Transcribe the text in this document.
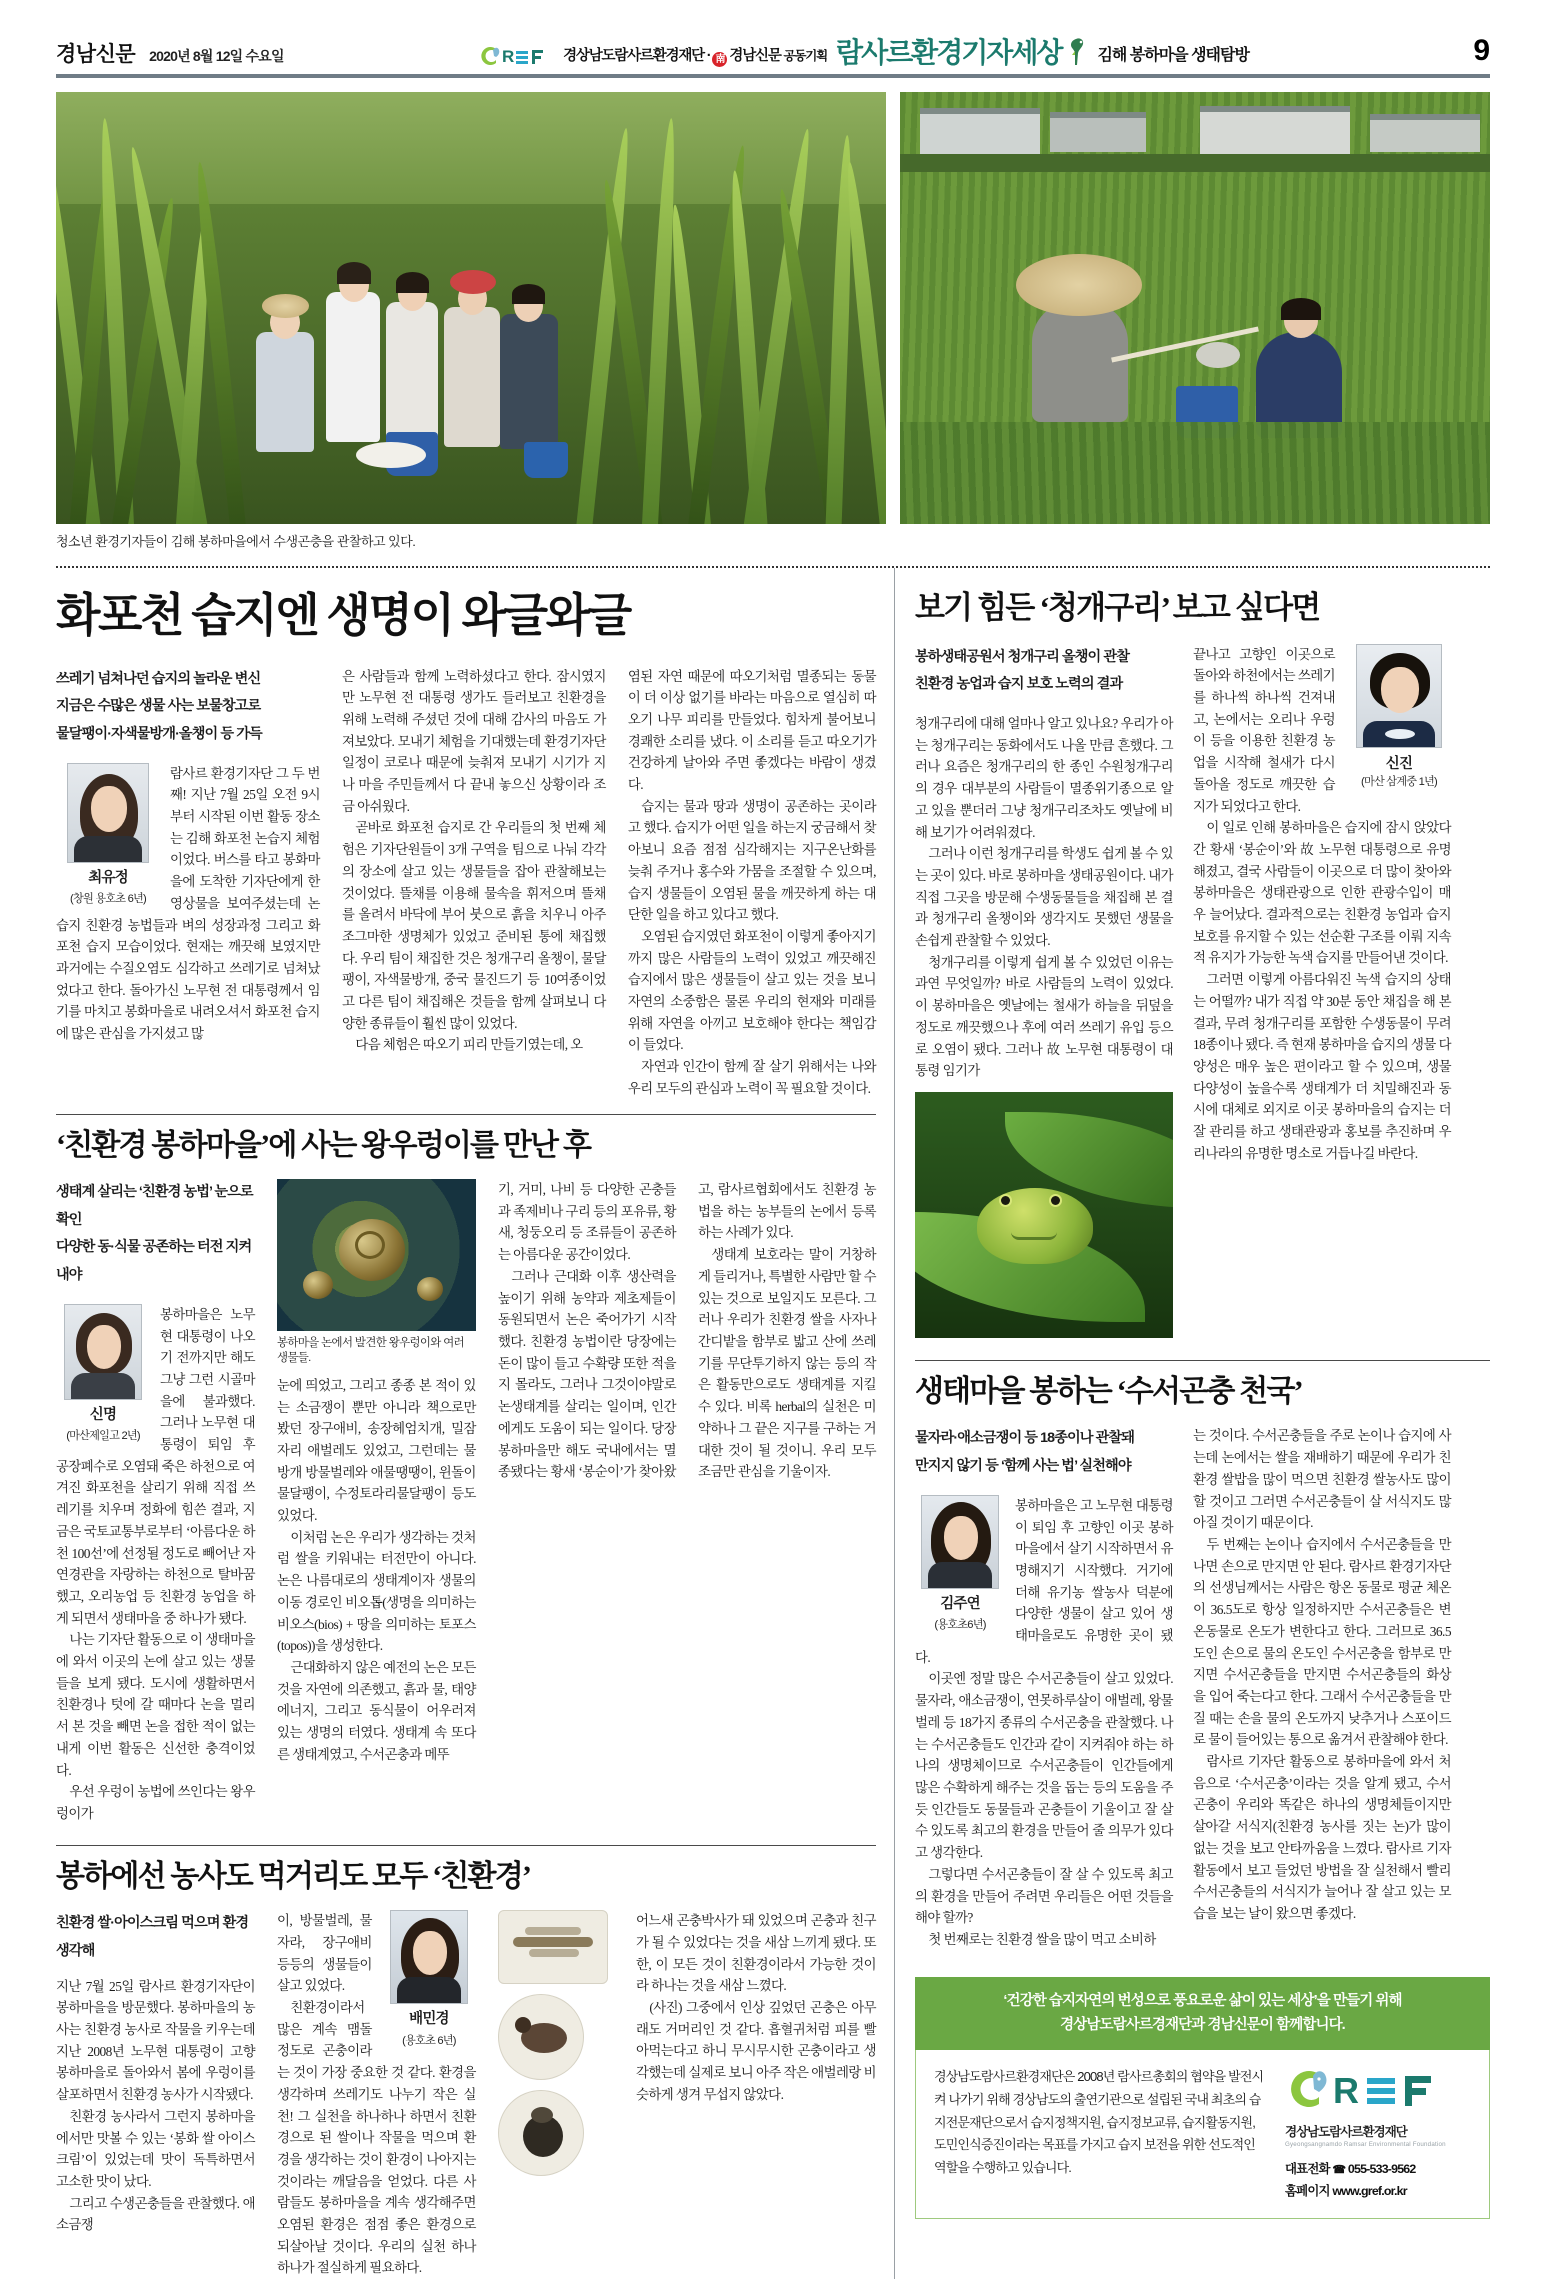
경남신문 2020년 8월 12일 수요일	R	경상남도람사르환경재단 · 南 경남신문 공동기획 람사르환경기자세상 김해 봉하마을 생태탐방	9
청소년 환경기자들이 김해 봉하마을에서 수생곤충을 관찰하고 있다.
화포천 습지엔 생명이 와글와글
쓰레기 넘쳐나던 습지의 놀라운 변신
지금은 수많은 생물 사는 보물창고로
물달팽이·자색물방개·올챙이 등 가득
최유정
(창원 용호초 6년)

람사르 환경기자단 그 두 번째! 지난 7월 25일 오전 9시부터 시작된 이번 활동 장소는 김해 화포천 논습지 체험이었다. 버스를 타고 봉화마을에 도착한 기자단에게 한 영상물을 보여주셨는데 논습지 친환경 농법들과 벼의 성장과정 그리고 화포천 습지 모습이었다. 현재는 깨끗해 보였지만 과거에는 수질오염도 심각하고 쓰레기로 넘쳐났었다고 한다. 돌아가신 노무현 전 대통령께서 임기를 마치고 봉화마을로 내려오셔서 화포천 습지에 많은 관심을 가지셨고 많

은 사람들과 함께 노력하셨다고 한다. 잠시였지만 노무현 전 대통령 생가도 들러보고 친환경을 위해 노력해 주셨던 것에 대해 감사의 마음도 가져보았다. 모내기 체험을 기대했는데 환경기자단 일정이 코로나 때문에 늦춰져 모내기 시기가 지나 마을 주민들께서 다 끝내 놓으신 상황이라 조금 아쉬웠다.

곧바로 화포천 습지로 간 우리들의 첫 번째 체험은 기자단원들이 3개 구역을 팀으로 나눠 각각의 장소에 살고 있는 생물들을 잡아 관찰해보는 것이었다. 뜰채를 이용해 물속을 휘저으며 뜰채를 올려서 바닥에 부어 붓으로 흙을 치우니 아주 조그마한 생명체가 있었고 준비된 통에 채집했다. 우리 팀이 채집한 것은 청개구리 올챙이, 물달팽이, 자색물방개, 중국 물진드기 등 10여종이었고 다른 팀이 채집해온 것들을 함께 살펴보니 다양한 종류들이 훨씬 많이 있었다.

다음 체험은 따오기 피리 만들기였는데, 오

염된 자연 때문에 따오기처럼 멸종되는 동물이 더 이상 없기를 바라는 마음으로 열심히 따오기 나무 피리를 만들었다. 힘차게 불어보니 경쾌한 소리를 냈다. 이 소리를 듣고 따오기가 건강하게 날아와 주면 좋겠다는 바람이 생겼다.

습지는 물과 땅과 생명이 공존하는 곳이라고 했다. 습지가 어떤 일을 하는지 궁금해서 찾아보니 요즘 점점 심각해지는 지구온난화를 늦춰 주거나 홍수와 가뭄을 조절할 수 있으며, 습지 생물들이 오염된 물을 깨끗하게 하는 대단한 일을 하고 있다고 했다.

오염된 습지였던 화포천이 이렇게 좋아지기까지 많은 사람들의 노력이 있었고 깨끗해진 습지에서 많은 생물들이 살고 있는 것을 보니 자연의 소중함은 물론 우리의 현재와 미래를 위해 자연을 아끼고 보호해야 한다는 책임감이 들었다.

자연과 인간이 함께 잘 살기 위해서는 나와 우리 모두의 관심과 노력이 꼭 필요할 것이다.

‘친환경 봉하마을’에 사는 왕우렁이를 만난 후
생태계 살리는 ‘친환경 농법’ 눈으로 확인
다양한 동·식물 공존하는 터전 지켜내야
신명
(마산제일고 2년)

봉하마을은 노무현 대통령이 나오기 전까지만 해도 그냥 그런 시골마을에 불과했다. 그러나 노무현 대통령이 퇴임 후 공장폐수로 오염돼 죽은 하천으로 여겨진 화포천을 살리기 위해 직접 쓰레기를 치우며 정화에 힘쓴 결과, 지금은 국토교통부로부터 ‘아름다운 하천 100선’에 선정될 정도로 빼어난 자연경관을 자랑하는 하천으로 탈바꿈했고, 오리농업 등 친환경 농업을 하게 되면서 생태마을 중 하나가 됐다.

나는 기자단 활동으로 이 생태마을에 와서 이곳의 논에 살고 있는 생물들을 보게 됐다. 도시에 생활하면서 친환경나 텃에 갈 때마다 논을 멀리서 본 것을 빼면 논을 접한 적이 없는 내게 이번 활동은 신선한 충격이었다.

우선 우렁이 농법에 쓰인다는 왕우렁이가

봉하마을 논에서 발견한 왕우렁이와 여러 생물들.

눈에 띄었고, 그리고 종종 본 적이 있는 소금쟁이 뿐만 아니라 책으로만 봤던 장구애비, 송장헤엄치개, 밀잠자리 애벌레도 있었고, 그런데는 물방개 방물벌레와 애물땡땡이, 윈돌이물달팽이, 수정토라리물달팽이 등도 있었다.

이처럼 논은 우리가 생각하는 것처럼 쌀을 키워내는 터전만이 아니다. 논은 나름대로의 생태계이자 생물의 이동 경로인 비오톱(생명을 의미하는 비오스(bios) + 땅을 의미하는 토포스(topos))을 생성한다.

근대화하지 않은 예전의 논은 모든 것을 자연에 의존했고, 흙과 물, 태양 에너지, 그리고 동식물이 어우러져 있는 생명의 터였다. 생태계 속 또다른 생태계였고, 수서곤충과 메뚜

기, 거미, 나비 등 다양한 곤충들과 족제비나 구리 등의 포유류, 황새, 청둥오리 등 조류들이 공존하는 아름다운 공간이었다.

그러나 근대화 이후 생산력을 높이기 위해 농약과 제초제들이 동원되면서 논은 죽어가기 시작했다. 친환경 농법이란 당장에는 돈이 많이 들고 수확량 또한 적을지 몰라도, 그러나 그것이야말로 논생태계를 살리는 일이며, 인간에게도 도움이 되는 일이다. 당장 봉하마을만 해도 국내에서는 멸종됐다는 황새 ‘봉순이’가 찾아왔고, 람사르협회에서도 친환경 농법을 하는 농부들의 논에서 등록하는 사례가 있다.

생태계 보호라는 말이 거창하게 들리거나, 특별한 사람만 할 수 있는 것으로 보일지도 모른다. 그러나 우리가 친환경 쌀을 사자나 간디밭을 함부로 밟고 산에 쓰레기를 무단투기하지 않는 등의 작은 활동만으로도 생태계를 지킬 수 있다. 비록 herbal의 실천은 미약하나 그 끝은 지구를 구하는 거대한 것이 될 것이니. 우리 모두 조금만 관심을 기울이자.

봉하에선 농사도 먹거리도 모두 ‘친환경’
친환경 쌀·아이스크림 먹으며 환경 생각해

지난 7월 25일 람사르 환경기자단이 봉하마을을 방문했다. 봉하마을의 농사는 친환경 농사로 작물을 키우는데 지난 2008년 노무현 대통령이 고향 봉하마을로 돌아와서 봄에 우렁이를 살포하면서 친환경 농사가 시작됐다.

친환경 농사라서 그런지 봉하마을에서만 맛볼 수 있는 ‘봉화 쌀 아이스크림’이 있었는데 맛이 독특하면서 고소한 맛이 났다.

그리고 수생곤충들을 관찰했다. 애소금쟁

배민경
(용호초 6년)

이, 방물벌레, 물자라, 장구애비 등등의 생물들이 살고 있었다.

친환경이라서 많은 계속 맴돌 정도로 곤충이라는 것이 가장 중요한 것 같다. 환경을 생각하며 쓰레기도 나누기 작은 실천! 그 실천을 하나하나 하면서 친환경으로 된 쌀이나 작물을 먹으며 환경을 생각하는 것이 환경이 나아지는 것이라는 깨달음을 얻었다. 다른 사람들도 봉하마을을 계속 생각해주면 오염된 환경은 점점 좋은 환경으로 되살아날 것이다. 우리의 실천 하나하나가 절실하게 필요하다.

어느새 곤충박사가 돼 있었으며 곤충과 친구가 될 수 있었다는 것을 새삼 느끼게 됐다. 또한, 이 모든 것이 친환경이라서 가능한 것이라 하나는 것을 새삼 느꼈다.

(사진) 그중에서 인상 깊었던 곤충은 아무래도 거머리인 것 같다. 흡혈귀처럼 피를 빨아먹는다고 하니 무시무시한 곤충이라고 생각했는데 실제로 보니 아주 작은 애벌레랑 비슷하게 생겨 무섭지 않았다.

보기 힘든 ‘청개구리’ 보고 싶다면
봉하생태공원서 청개구리 올챙이 관찰
친환경 농업과 습지 보호 노력의 결과

청개구리에 대해 얼마나 알고 있나요? 우리가 아는 청개구리는 동화에서도 나올 만큼 흔했다. 그러나 요즘은 청개구리의 한 종인 수원청개구리의 경우 대부분의 사람들이 멸종위기종으로 알고 있을 뿐더러 그냥 청개구리조차도 옛날에 비해 보기가 어려워졌다.

그러나 이런 청개구리를 학생도 쉽게 볼 수 있는 곳이 있다. 바로 봉하마을 생태공원이다. 내가 직접 그곳을 방문해 수생동물들을 채집해 본 결과 청개구리 올챙이와 생각지도 못했던 생물을 손쉽게 관찰할 수 있었다.

청개구리를 이렇게 쉽게 볼 수 있었던 이유는 과연 무엇일까? 바로 사람들의 노력이 있었다. 이 봉하마을은 옛날에는 철새가 하늘을 뒤덮을 정도로 깨끗했으나 후에 여러 쓰레기 유입 등으로 오염이 됐다. 그러나 故 노무현 대통령이 대통령 임기가

신진
(마산 삼계중 1년)

끝나고 고향인 이곳으로 돌아와 하천에서는 쓰레기를 하나씩 하나씩 건져내고, 논에서는 오리나 우렁이 등을 이용한 친환경 농업을 시작해 철새가 다시 돌아올 정도로 깨끗한 습지가 되었다고 한다.

이 일로 인해 봉하마을은 습지에 잠시 앉았다 간 황새 ‘봉순이’와 故 노무현 대통령으로 유명해졌고, 결국 사람들이 이곳으로 더 많이 찾아와 봉하마을은 생태관광으로 인한 관광수입이 매우 늘어났다. 결과적으로는 친환경 농업과 습지 보호를 유지할 수 있는 선순환 구조를 이뤄 지속적 유지가 가능한 녹색 습지를 만들어낸 것이다.

그러면 이렇게 아름다워진 녹색 습지의 상태는 어떨까? 내가 직접 약 30분 동안 채집을 해 본 결과, 무려 청개구리를 포함한 수생동물이 무려 18종이나 됐다. 즉 현재 봉하마을 습지의 생물 다양성은 매우 높은 편이라고 할 수 있으며, 생물 다양성이 높을수록 생태계가 더 치밀해진과 동시에 대체로 외지로 이곳 봉하마을의 습지는 더 잘 관리를 하고 생태관광과 홍보를 추진하며 우리나라의 유명한 명소로 거듭나길 바란다.

생태마을 봉하는 ‘수서곤충 천국’
물자라·애소금쟁이 등 18종이나 관찰돼
만지지 않기 등 ‘함께 사는 법’ 실천해야
김주연
(용호초6년)

봉하마을은 고 노무현 대통령이 퇴임 후 고향인 이곳 봉하마을에서 살기 시작하면서 유명해지기 시작했다. 거기에 더해 유기농 쌀농사 덕분에 다양한 생물이 살고 있어 생태마을로도 유명한 곳이 됐다.

이곳엔 정말 많은 수서곤충들이 살고 있었다. 물자라, 애소금쟁이, 연못하루살이 애벌레, 왕물벌레 등 18가지 종류의 수서곤충을 관찰했다. 나는 수서곤충들도 인간과 같이 지켜줘야 하는 하나의 생명체이므로 수서곤충들이 인간들에게 많은 수확하게 해주는 것을 돕는 등의 도움을 주듯 인간들도 동물들과 곤충들이 기울이고 잘 살 수 있도록 최고의 환경을 만들어 줄 의무가 있다고 생각한다.

그렇다면 수서곤충들이 잘 살 수 있도록 최고의 환경을 만들어 주려면 우리들은 어떤 것들을 해야 할까?

첫 번째로는 친환경 쌀을 많이 먹고 소비하

는 것이다. 수서곤충들을 주로 논이나 습지에 사는데 논에서는 쌀을 재배하기 때문에 우리가 친환경 쌀밥을 많이 먹으면 친환경 쌀농사도 많이 할 것이고 그러면 수서곤충들이 살 서식지도 많아질 것이기 때문이다.

두 번째는 논이나 습지에서 수서곤충들을 만나면 손으로 만지면 안 된다. 람사르 환경기자단의 선생님께서는 사람은 항온 동물로 평균 체온이 36.5도로 항상 일정하지만 수서곤충들은 변온동물로 온도가 변한다고 한다. 그러므로 36.5도인 손으로 물의 온도인 수서곤충을 함부로 만지면 수서곤충들을 만지면 수서곤충들의 화상을 입어 죽는다고 한다. 그래서 수서곤충들을 만질 때는 손을 물의 온도까지 낮추거나 스포이드로 물이 들어있는 통으로 옮겨서 관찰해야 한다.

람사르 기자단 활동으로 봉하마을에 와서 처음으로 ‘수서곤충’이라는 것을 알게 됐고, 수서곤충이 우리와 똑같은 하나의 생명체들이지만 살아갈 서식지(친환경 농사를 짓는 논)가 많이 없는 것을 보고 안타까움을 느꼈다. 람사르 기자 활동에서 보고 들었던 방법을 잘 실천해서 빨리 수서곤충들의 서식지가 늘어나 잘 살고 있는 모습을 보는 날이 왔으면 좋겠다.

‘건강한 습지자연의 번성으로 풍요로운 삶이 있는 세상’을 만들기 위해
경상남도람사르경재단과 경남신문이 함께합니다.
경상남도람사르환경재단은 2008년 람사르총회의 협약을 발전시켜 나가기 위해 경상남도의 출연기관으로 설립된 국내 최초의 습지전문재단으로서 습지정책지원, 습지정보교류, 습지활동지원, 도민인식증진이라는 목표를 가지고 습지 보전을 위한 선도적인 역할을 수행하고 있습니다.
R
경상남도람사르환경재단
Gyeongsangnamdo Ramsar Environmental Foundation
대표전화 ☎ 055-533-9562
홈페이지 www.gref.or.kr
